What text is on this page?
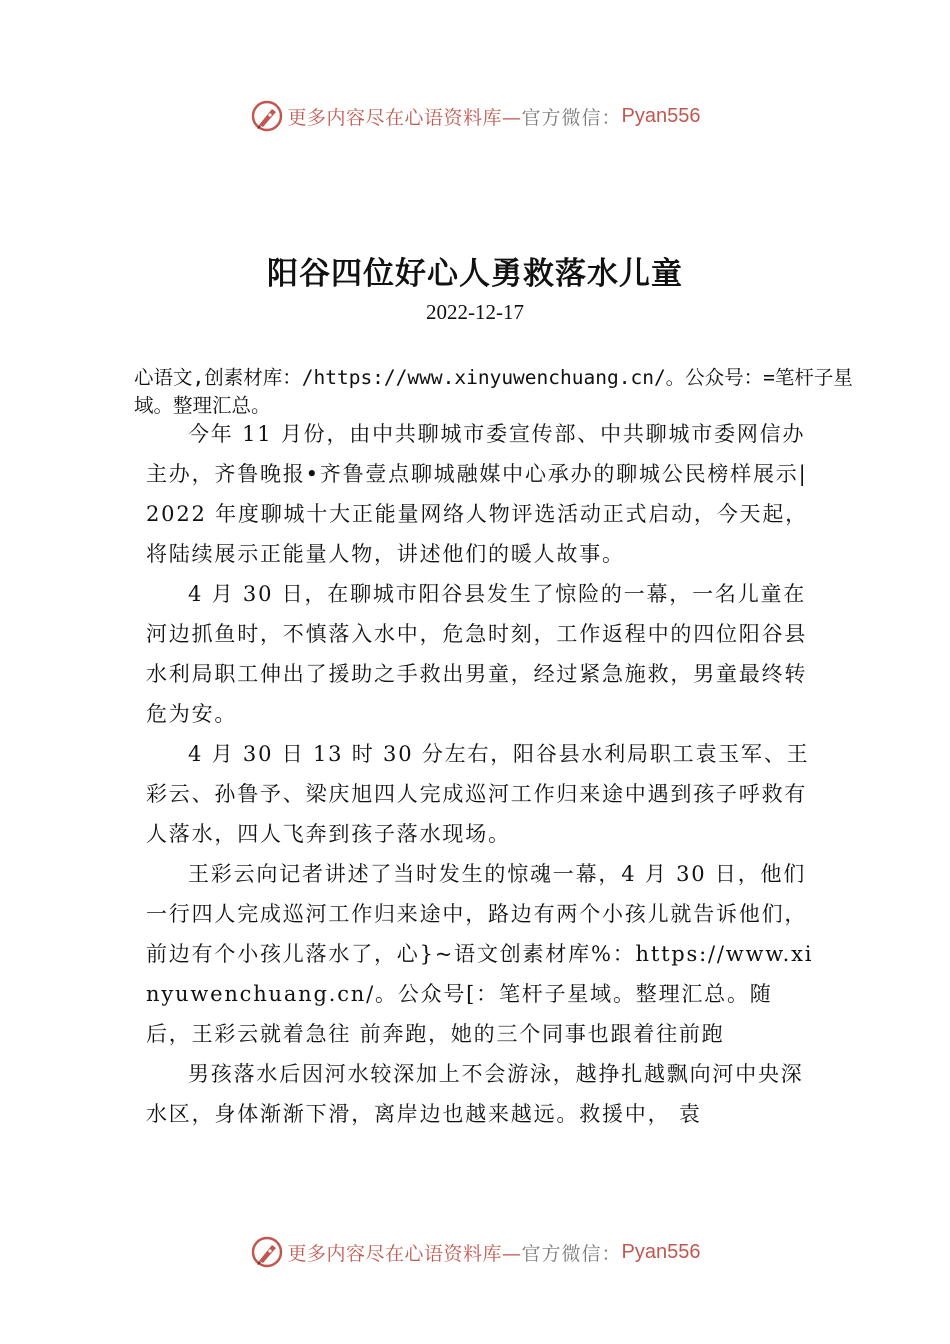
更多内容尽在心语资料库— 官方微信： Pyan556
阳谷四位好心人勇救落水儿童
2022-12-17
心语文,创素材库：/https://www.xinyuwenchuang.cn/。公众号：=笔杆子星域。整理汇总。

今年 11 月份，由中共聊城市委宣传部、中共聊城市委网信办主办，齐鲁晚报•齐鲁壹点聊城融媒中心承办的聊城公民榜样展示|2022 年度聊城十大正能量网络人物评选活动正式启动，今天起，将陆续展示正能量人物，讲述他们的暖人故事。

4 月 30 日，在聊城市阳谷县发生了惊险的一幕，一名儿童在河边抓鱼时，不慎落入水中，危急时刻，工作返程中的四位阳谷县水利局职工伸出了援助之手救出男童，经过紧急施救，男童最终转危为安。

4 月 30 日 13 时 30 分左右，阳谷县水利局职工袁玉军、王彩云、孙鲁予、梁庆旭四人完成巡河工作归来途中遇到孩子呼救有人落水，四人飞奔到孩子落水现场。

王彩云向记者讲述了当时发生的惊魂一幕，4 月 30 日，他们一行四人完成巡河工作归来途中，路边有两个小孩儿就告诉他们，前边有个小孩儿落水了，心}~语文创素材库%：https://www.xinyuwenchuang.cn/。公众号[：笔杆子星域。整理汇总。随后，王彩云就着急往 前奔跑，她的三个同事也跟着往前跑

男孩落水后因河水较深加上不会游泳，越挣扎越飘向河中央深水区，身体渐渐下滑，离岸边也越来越远。救援中， 袁

更多内容尽在心语资料库— 官方微信： Pyan556
